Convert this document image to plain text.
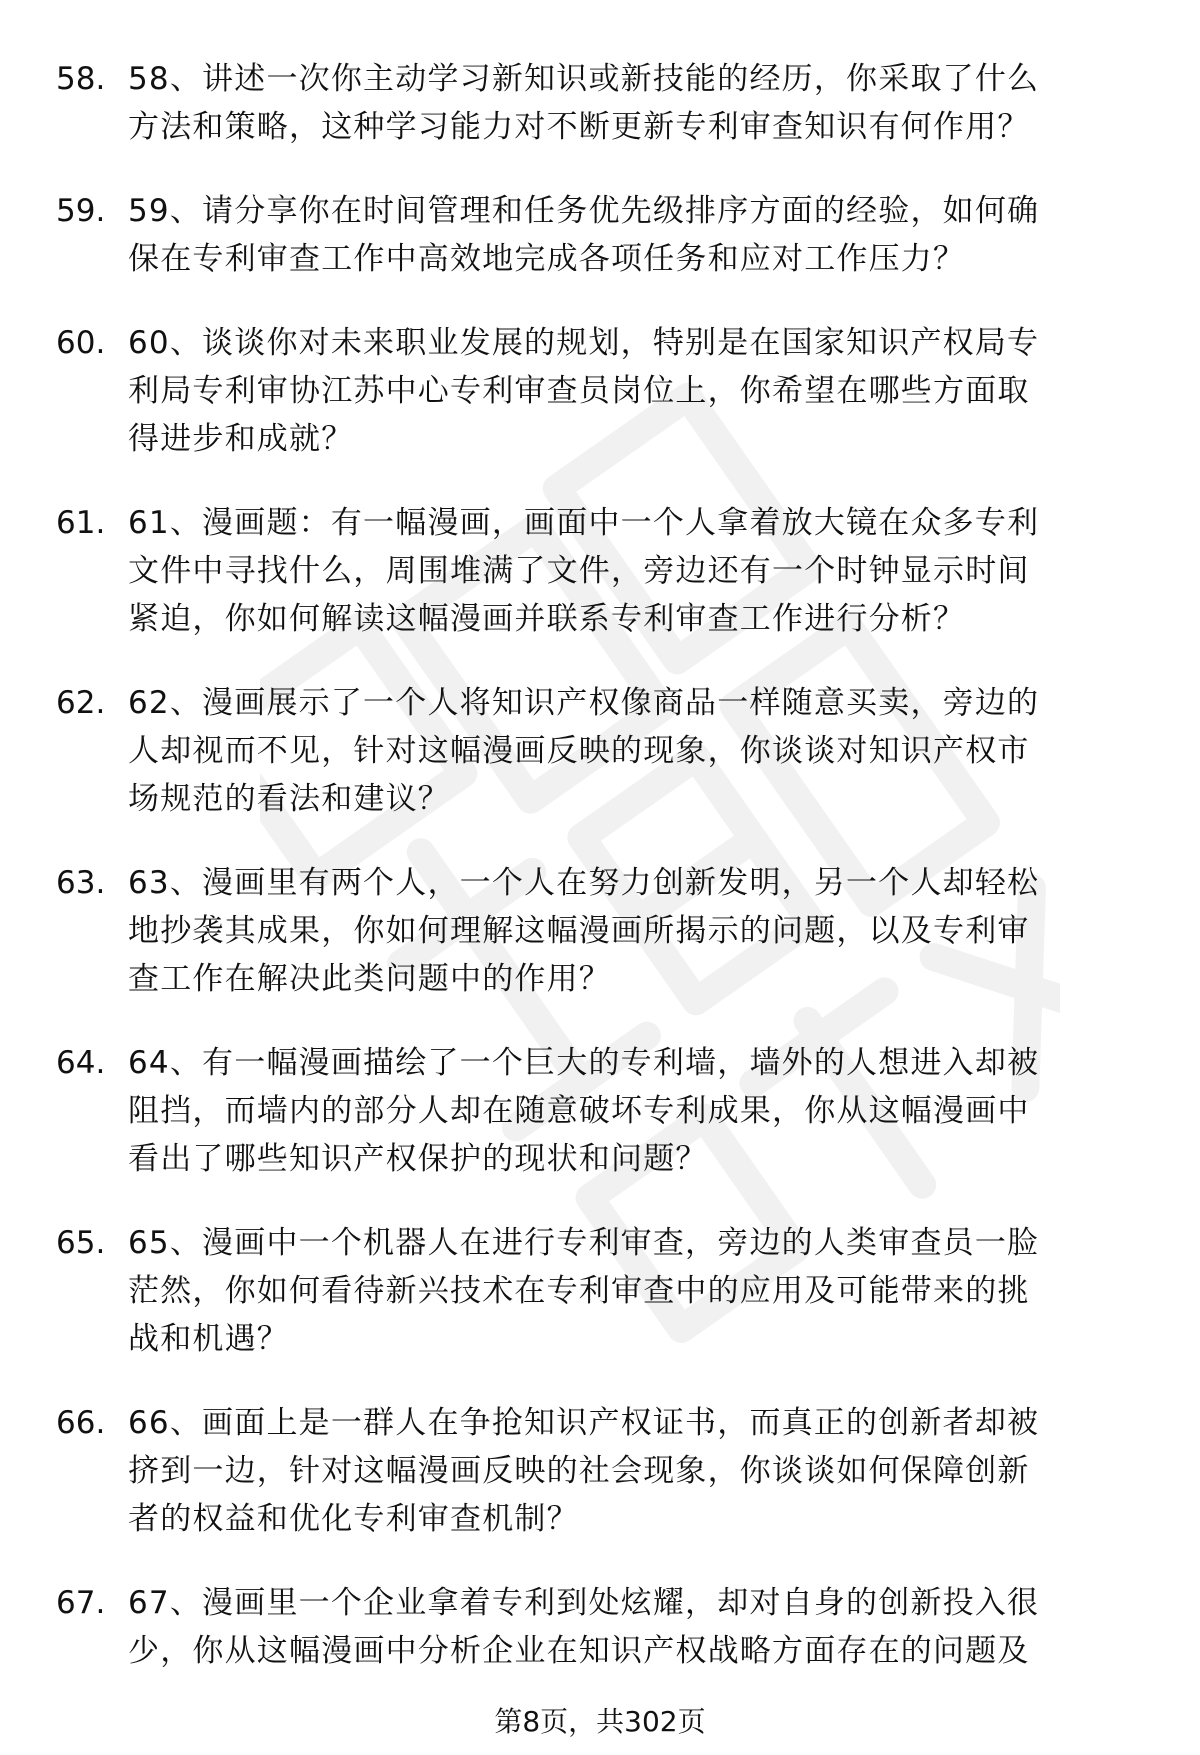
58. 58、讲述一次你主动学习新知识或新技能的经历，你采取了什么
方法和策略，这种学习能力对不断更新专利审查知识有何作用？
59. 59、请分享你在时间管理和任务优先级排序方面的经验，如何确
保在专利审查工作中高效地完成各项任务和应对工作压力？
60. 60、谈谈你对未来职业发展的规划，特别是在国家知识产权局专
利局专利审协江苏中心专利审查员岗位上，你希望在哪些方面取
得进步和成就？
61. 61、漫画题：有一幅漫画，画面中一个人拿着放大镜在众多专利
文件中寻找什么，周围堆满了文件，旁边还有一个时钟显示时间
紧迫，你如何解读这幅漫画并联系专利审查工作进行分析？
62. 62、漫画展示了一个人将知识产权像商品一样随意买卖，旁边的
人却视而不见，针对这幅漫画反映的现象，你谈谈对知识产权市
场规范的看法和建议？
63. 63、漫画里有两个人，一个人在努力创新发明，另一个人却轻松
地抄袭其成果，你如何理解这幅漫画所揭示的问题，以及专利审
查工作在解决此类问题中的作用？
64. 64、有一幅漫画描绘了一个巨大的专利墙，墙外的人想进入却被
阻挡，而墙内的部分人却在随意破坏专利成果，你从这幅漫画中
看出了哪些知识产权保护的现状和问题？
65. 65、漫画中一个机器人在进行专利审查，旁边的人类审查员一脸
茫然，你如何看待新兴技术在专利审查中的应用及可能带来的挑
战和机遇？
66. 66、画面上是一群人在争抢知识产权证书，而真正的创新者却被
挤到一边，针对这幅漫画反映的社会现象，你谈谈如何保障创新
者的权益和优化专利审查机制？
67. 67、漫画里一个企业拿着专利到处炫耀，却对自身的创新投入很
少，你从这幅漫画中分析企业在知识产权战略方面存在的问题及
第8页，共302页
